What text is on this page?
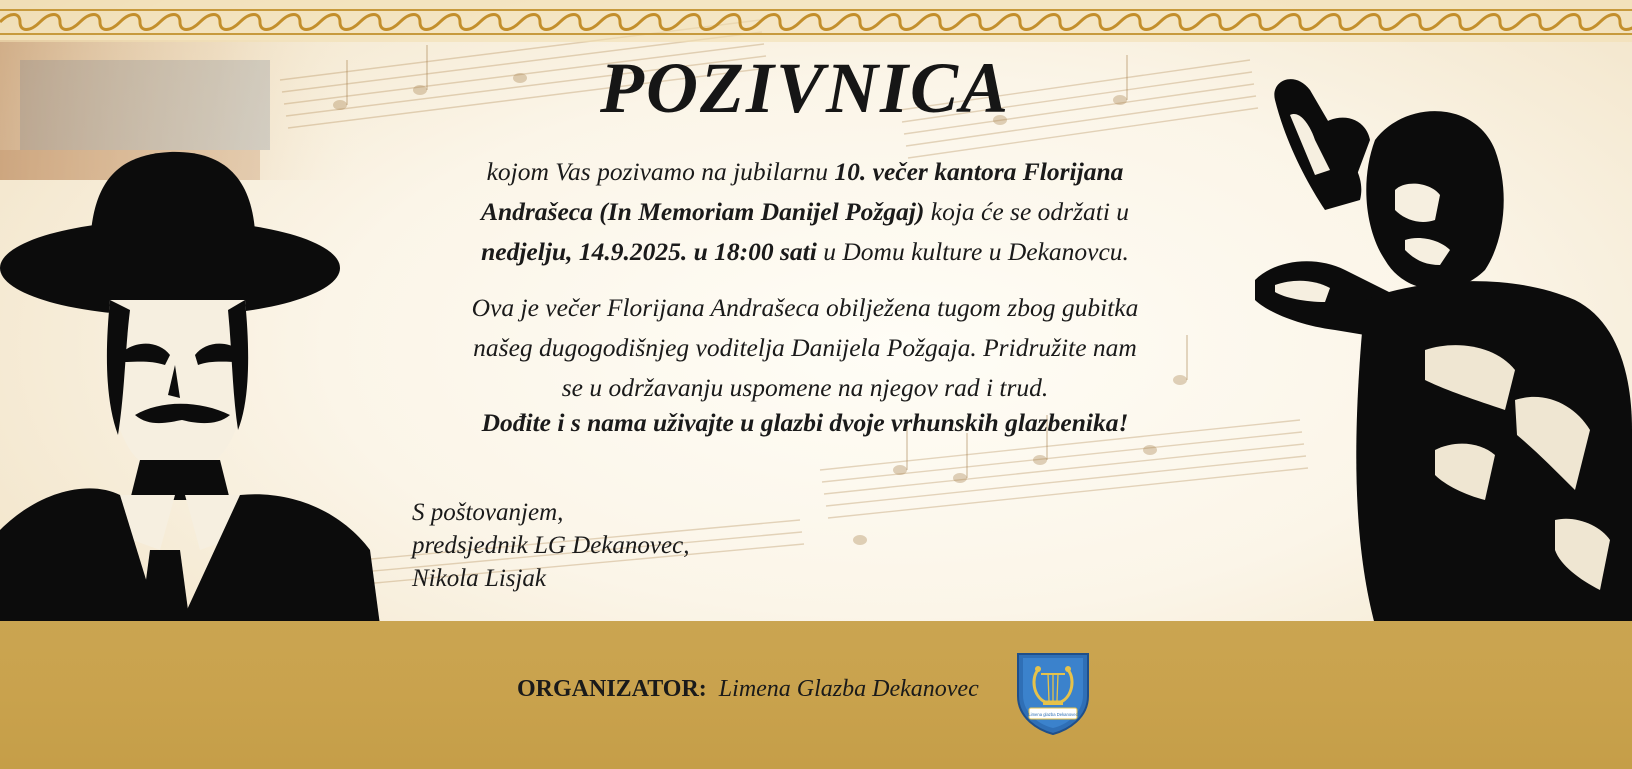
POZIVNICA

kojom Vas pozivamo na jubilarnu 10. večer kantora Florijana
Andrašeca (In Memoriam Danijel Požgaj) koja će se održati u
nedjelju, 14.9.2025. u 18:00 sati u Domu kulture u Dekanovcu.

Ova je večer Florijana Andrašeca obilježena tugom zbog gubitka
našeg dugogodišnjeg voditelja Danijela Požgaja. Pridružite nam
se u održavanju uspomene na njegov rad i trud.

Dođite i s nama uživajte u glazbi dvoje vrhunskih glazbenika!

S poštovanjem,
predsjednik LG Dekanovec,
Nikola Lisjak
ORGANIZATOR: Limena Glazba Dekanovec
Limena glazba Dekanovec
